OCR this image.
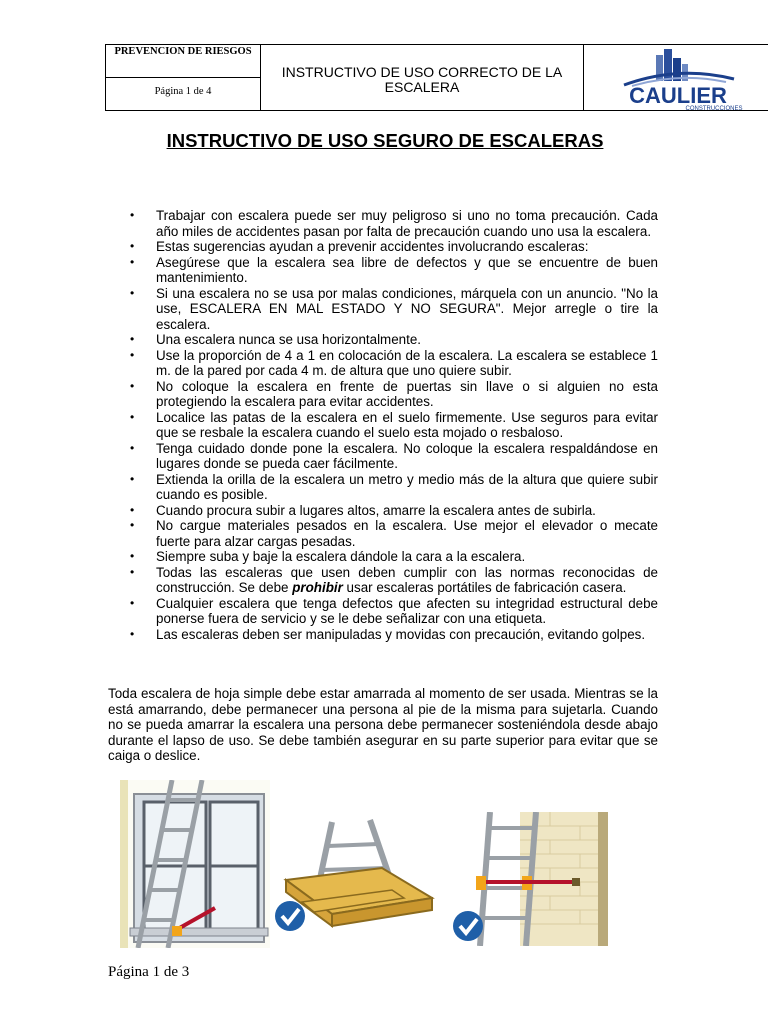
PREVENCION DE RIESGOS
Página 1 de 4
INSTRUCTIVO DE USO CORRECTO DE LA ESCALERA	CAULIER
CONSTRUCCIONES
INSTRUCTIVO DE USO SEGURO DE ESCALERAS
• Trabajar con escalera puede ser muy peligroso si uno no toma precaución. Cada año miles de accidentes pasan por falta de precaución cuando uno usa la escalera.
• Estas sugerencias ayudan a prevenir accidentes involucrando escaleras:
• Asegúrese que la escalera sea libre de defectos y que se encuentre de buen mantenimiento.
• Si una escalera no se usa por malas condiciones, márquela con un anuncio. "No la use, ESCALERA EN MAL ESTADO Y NO SEGURA". Mejor arregle o tire la escalera.
• Una escalera nunca se usa horizontalmente.
• Use la proporción de 4 a 1 en colocación de la escalera. La escalera se establece 1 m. de la pared por cada 4 m. de altura que uno quiere subir.
• No coloque la escalera en frente de puertas sin llave o si alguien no esta protegiendo la escalera para evitar accidentes.
• Localice las patas de la escalera en el suelo firmemente. Use seguros para evitar que se resbale la escalera cuando el suelo esta mojado o resbaloso.
• Tenga cuidado donde pone la escalera. No coloque la escalera respaldándose en lugares donde se pueda caer fácilmente.
• Extienda la orilla de la escalera un metro y medio más de la altura que quiere subir cuando es posible.
• Cuando procura subir a lugares altos, amarre la escalera antes de subirla.
• No cargue materiales pesados en la escalera. Use mejor el elevador o mecate fuerte para alzar cargas pesadas.
• Siempre suba y baje la escalera dándole la cara a la escalera.
• Todas las escaleras que usen deben cumplir con las normas reconocidas de construcción. Se debe prohibir usar escaleras portátiles de fabricación casera.
• Cualquier escalera que tenga defectos que afecten su integridad estructural debe ponerse fuera de servicio y se le debe señalizar con una etiqueta.
• Las escaleras deben ser manipuladas y movidas con precaución, evitando golpes.

Toda escalera de hoja simple debe estar amarrada al momento de ser usada. Mientras se la está amarrando, debe permanecer una persona al pie de la misma para sujetarla. Cuando no se pueda amarrar la escalera una persona debe permanecer sosteniéndola desde abajo durante el lapso de uso. Se debe también asegurar en su parte superior para evitar que se caiga o deslice.

Página 1 de 3
